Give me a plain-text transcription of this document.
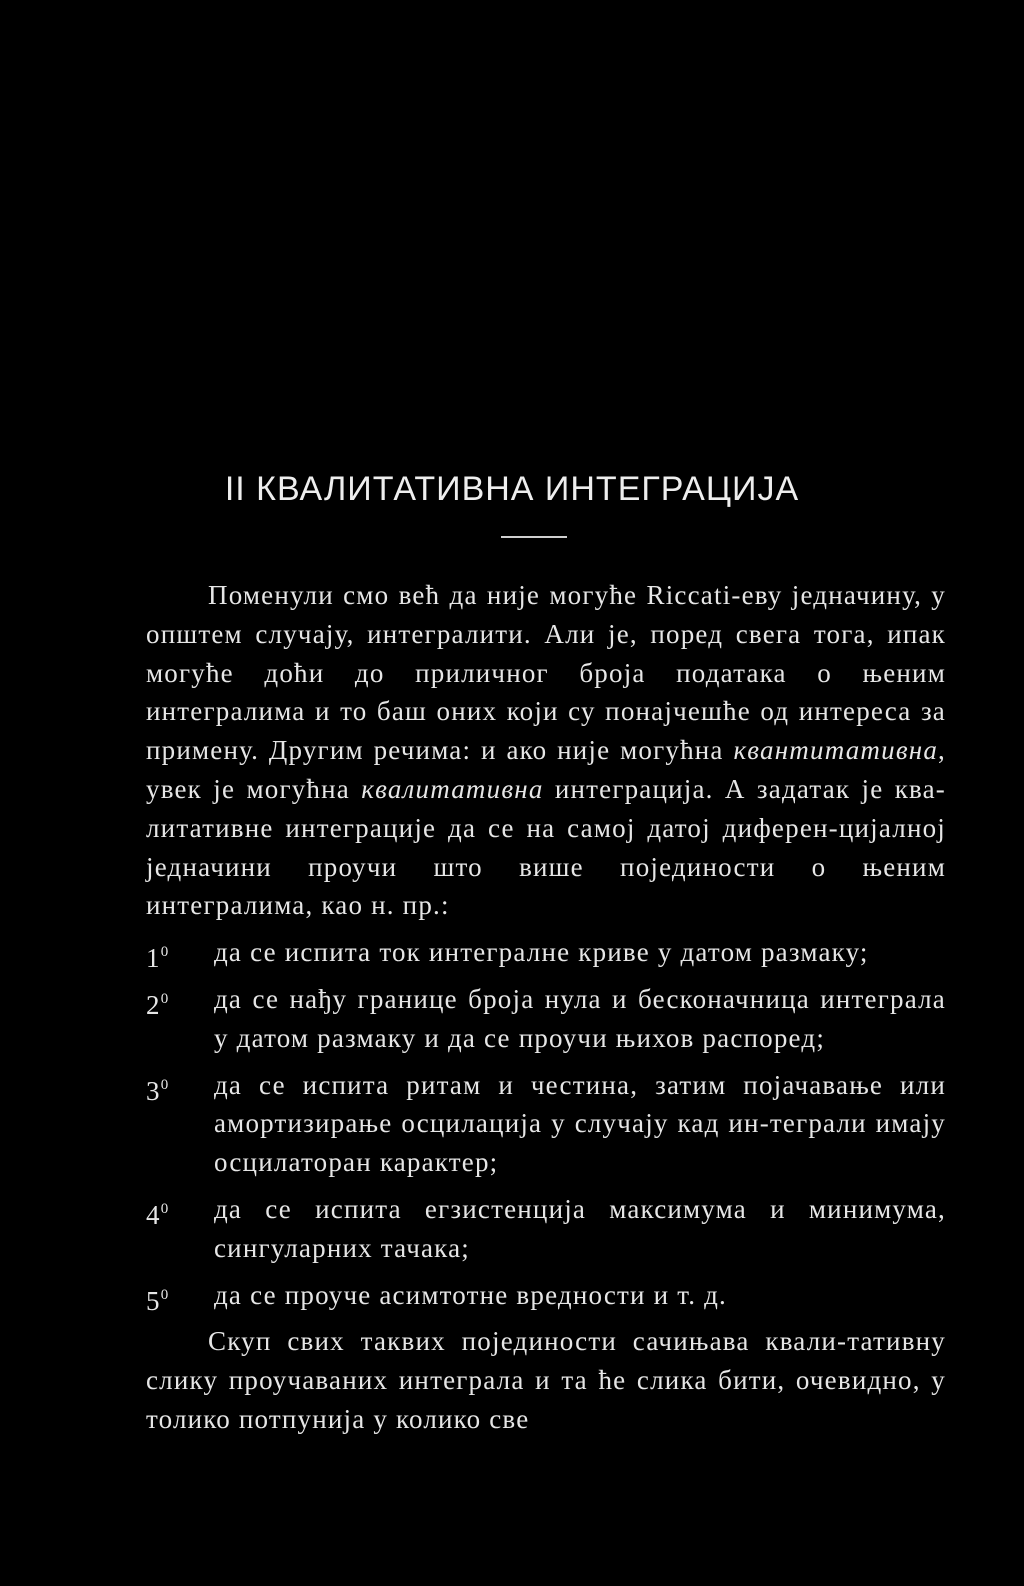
II КВАЛИТАТИВНА ИНТЕГРАЦИЈА

Поменули смо већ да није могуће Riccati-еву једначину, у општем случају, интегралити. Али је, поред свега тога, ипак могуће доћи до приличног броја података о њеним интегралима и то баш оних који су понајчешће од интереса за примену. Другим речима: и ако није могућна квантитативна, увек је могућна квалитативна интеграција. А задатак је ква-литативне интеграције да се на самој датој диферен-цијалној једначини проучи што више појединости о њеним интегралима, као н. пр.:

$1^0$ да се испита ток интегралне криве у датом размаку;
$2^0$ да се нађу границе броја нула и бесконачница интеграла у датом размаку и да се проучи њихов распоред;
$3^0$ да се испита ритам и честина, затим појачавање или амортизирање осцилација у случају кад ин-теграли имају осцилаторан карактер;
$4^0$ да се испита егзистенција максимума и минимума, сингуларних тачака;
$5^0$ да се проуче асимтотне вредности и т. д.

Скуп свих таквих појединости сачињава квали-тативну слику проучаваних интеграла и та ће слика бити, очевидно, у толико потпунија у колико све
